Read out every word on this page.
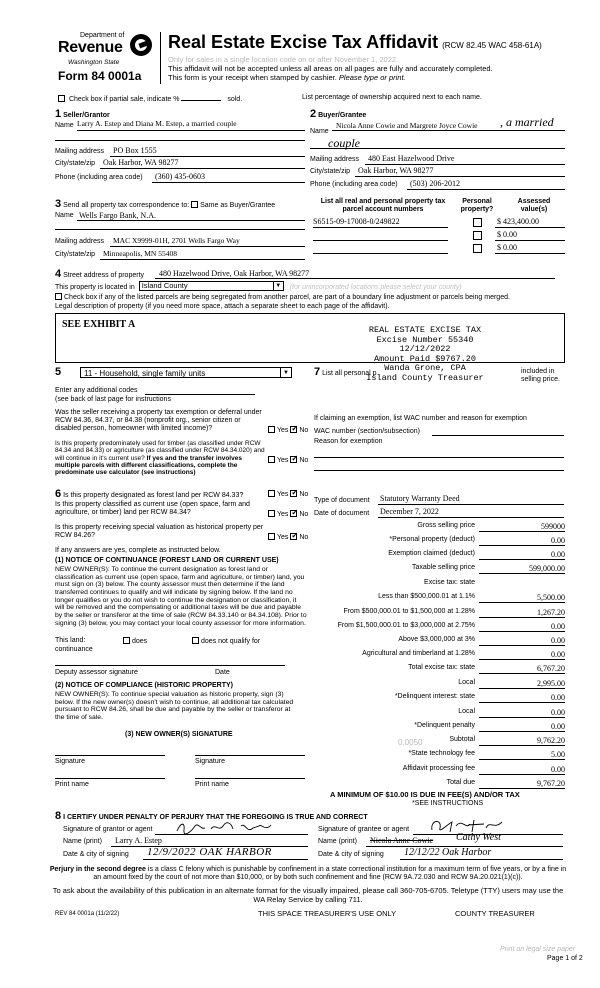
Department of
Revenue
Washington State
Form 84 0001a
Real Estate Excise Tax Affidavit (RCW 82.45 WAC 458-61A)
Only for sales in a single location code on or after November 1, 2022.
This affidavit will not be accepted unless all areas on all pages are fully and accurately completed.
This form is your receipt when stamped by cashier. Please type or print.
Check box if partial sale, indicate %	sold.	List percentage of ownership acquired next to each name.
1 Seller/Grantor
Name Larry A. Estep and Diana M. Estep, a married couple
Mailing address PO Box 1555
City/state/zip Oak Harbor, WA 98277
Phone (including area code) (360) 435-0603
2 Buyer/Grantee
Name
Nicola Anne Cowie and Margrete Joyce Cowie , a married
couple
Mailing address 480 East Hazelwood Drive
City/state/zip Oak Harbor, WA 98277
Phone (including area code) (503) 206-2012
3 Send all property tax correspondence to: Same as Buyer/Grantee
Name Wells Fargo Bank, N.A.
Mailing address MAC X9999-01H, 2701 Wells Fargo Way
City/state/zip Minneapolis, MN 55408
List all real and personal property tax parcel account numbers
Personal property?
Assessed value(s)
S6515-09-17008-0/249822	$ 423,400.00
$ 0.00
$ 0.00
4 Street address of property 480 Hazelwood Drive, Oak Harbor, WA 98277
This property is located in Island County	▼ (for unincorporated locations please select your county)
Check box if any of the listed parcels are being segregated from another parcel, are part of a boundary line adjustment or parcels being merged.
Legal description of property (if you need more space, attach a separate sheet to each page of the affidavit).
SEE EXHIBIT A	REAL ESTATE EXCISE TAX
Excise Number 55340
12/12/2022
Amount Paid $9767.20
Wanda Grone, CPA
Island County Treasurer
5	11 - Household, single family units	▼
Enter any additional codes
(see back of last page for instructions
Was the seller receiving a property tax exemption or deferral under RCW 84.36, 84.37, or 84.38 (nonprofit org., senior citizen or disabled person, homeowner with limited income)?	Yes ✓ No
Is this property predominately used for timber (as classified under RCW 84.34 and 84.33) or agriculture (as classified under RCW 84.34.020) and will continue in it's current use? If yes and the transfer involves multiple parcels with different classifications, complete the predominate use calculator (see instructions)
Yes ✓ No
7 List all personal p	included in selling price.
If claiming an exemption, list WAC number and reason for exemption
WAC number (section/subsection)
Reason for exemption
6 Is this property designated as forest land per RCW 84.33?	Yes ✓ No
Is this property classified as current use (open space, farm and agriculture, or timber) land per RCW 84.34?	Yes ✓ No
Is this property receiving special valuation as historical property per RCW 84.26?	Yes ✓ No
If any answers are yes, complete as instructed below.
(1) NOTICE OF CONTINUANCE (FOREST LAND OR CURRENT USE)
NEW OWNER(S): To continue the current designation as forest land or classification as current use (open space, farm and agriculture, or timber) land, you must sign on (3) below. The county assessor must then determine if the land transferred continues to qualify and will indicate by signing below. If the land no longer qualifies or you do not wish to continue the designation or classification, it will be removed and the compensating or additional taxes will be due and payable by the seller or transferor at the time of sale (RCW 84.33.140 or 84.34.108). Prior to signing (3) below, you may contact your local county assessor for more information.
This land:	does	does not qualify for
continuance
Deputy assessor signature	Date
(2) NOTICE OF COMPLIANCE (HISTORIC PROPERTY)
NEW OWNER(S): To continue special valuation as historic property, sign (3) below. If the new owner(s) doesn't wish to continue, all additional tax calculated pursuant to RCW 84.26, shall be due and payable by the seller or transferor at the time of sale.
(3) NEW OWNER(S) SIGNATURE
Signature	Signature
Print name	Print name
Type of document Statutory Warranty Deed
Date of document December 7, 2022
Gross selling price	599000
*Personal property (deduct)	0.00
Exemption claimed (deduct)	0.00
Taxable selling price	599,000.00
Excise tax: state
Less than $500,000.01 at 1.1%	5,500.00
From $500,000.01 to $1,500,000 at 1.28%	1,267.20
From $1,500,000.01 to $3,000,000 at 2.75%	0.00
Above $3,000,000 at 3%	0.00
Agricultural and timberland at 1.28%	0.00
Total excise tax: state	6,767.20
Local	2,995.00
*Delinquent interest: state	0.00
Local	0.00
*Delinquent penalty	0.00
Subtotal	9,762.20
*State technology fee	5.00
Affidavit processing fee	0.00
Total due	9,767.20
0.0050
A MINIMUM OF $10.00 IS DUE IN FEE(S) AND/OR TAX
*SEE INSTRUCTIONS
8 I CERTIFY UNDER PENALTY OF PERJURY THAT THE FOREGOING IS TRUE AND CORRECT
Signature of grantor or agent
Name (print) Larry A. Estep
Date & city of signing 12/9/2022 OAK HARBOR
Signature of grantee or agent
Name (print) Nicola Anne Cowie Cathy West
Date & city of signing 12/12/22 Oak Harbor
Perjury in the second degree is a class C felony which is punishable by confinement in a state correctional institution for a maximum term of five years, or by a fine in an amount fixed by the court of not more than $10,000, or by both such confinement and fine (RCW 9A.72.030 and RCW 9A.20.021(1)(c)).
To ask about the availability of this publication in an alternate format for the visually impaired, please call 360-705-6705. Teletype (TTY) users may use the WA Relay Service by calling 711.
REV 84 0001a (11/2/22)	THIS SPACE TREASURER'S USE ONLY	COUNTY TREASURER
Print on legal size paper
Page 1 of 2
